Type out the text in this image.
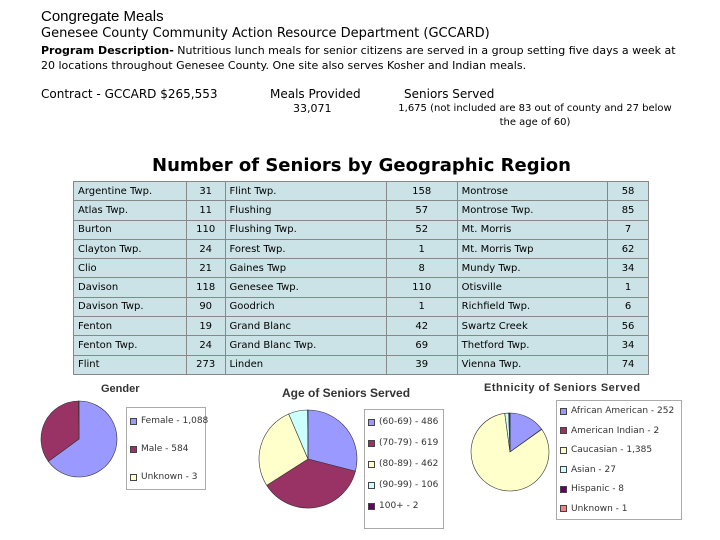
Congregate Meals
Genesee County Community Action Resource Department (GCCARD)
Program Description- Nutritious lunch meals for senior citizens are served in a group setting five days a week at 20 locations throughout Genesee County. One site also serves Kosher and Indian meals.
Contract - GCCARD $265,553	Meals Provided
33,071
Seniors Served
1,675 (not included are 83 out of county and 27 below the age of 60)
Number of Seniors by Geographic Region
Argentine Twp.	31	Flint Twp.	158	Montrose	58
Atlas Twp.	11	Flushing	57	Montrose Twp.	85
Burton	110	Flushing Twp.	52	Mt. Morris	7
Clayton Twp.	24	Forest Twp.	1	Mt. Morris Twp	62
Clio	21	Gaines Twp	8	Mundy Twp.	34
Davison	118	Genesee Twp.	110	Otisville	1
Davison Twp.	90	Goodrich	1	Richfield Twp.	6
Fenton	19	Grand Blanc	42	Swartz Creek	56
Fenton Twp.	24	Grand Blanc Twp.	69	Thetford Twp.	34
Flint	273	Linden	39	Vienna Twp.	74
Gender
Female - 1,088
Male - 584
Unknown - 3
Age of Seniors Served
(60-69) - 486
(70-79) - 619
(80-89) - 462
(90-99) - 106
100+ - 2
Ethnicity of Seniors Served
African American - 252
American Indian - 2
Caucasian - 1,385
Asian - 27
Hispanic - 8
Unknown - 1
